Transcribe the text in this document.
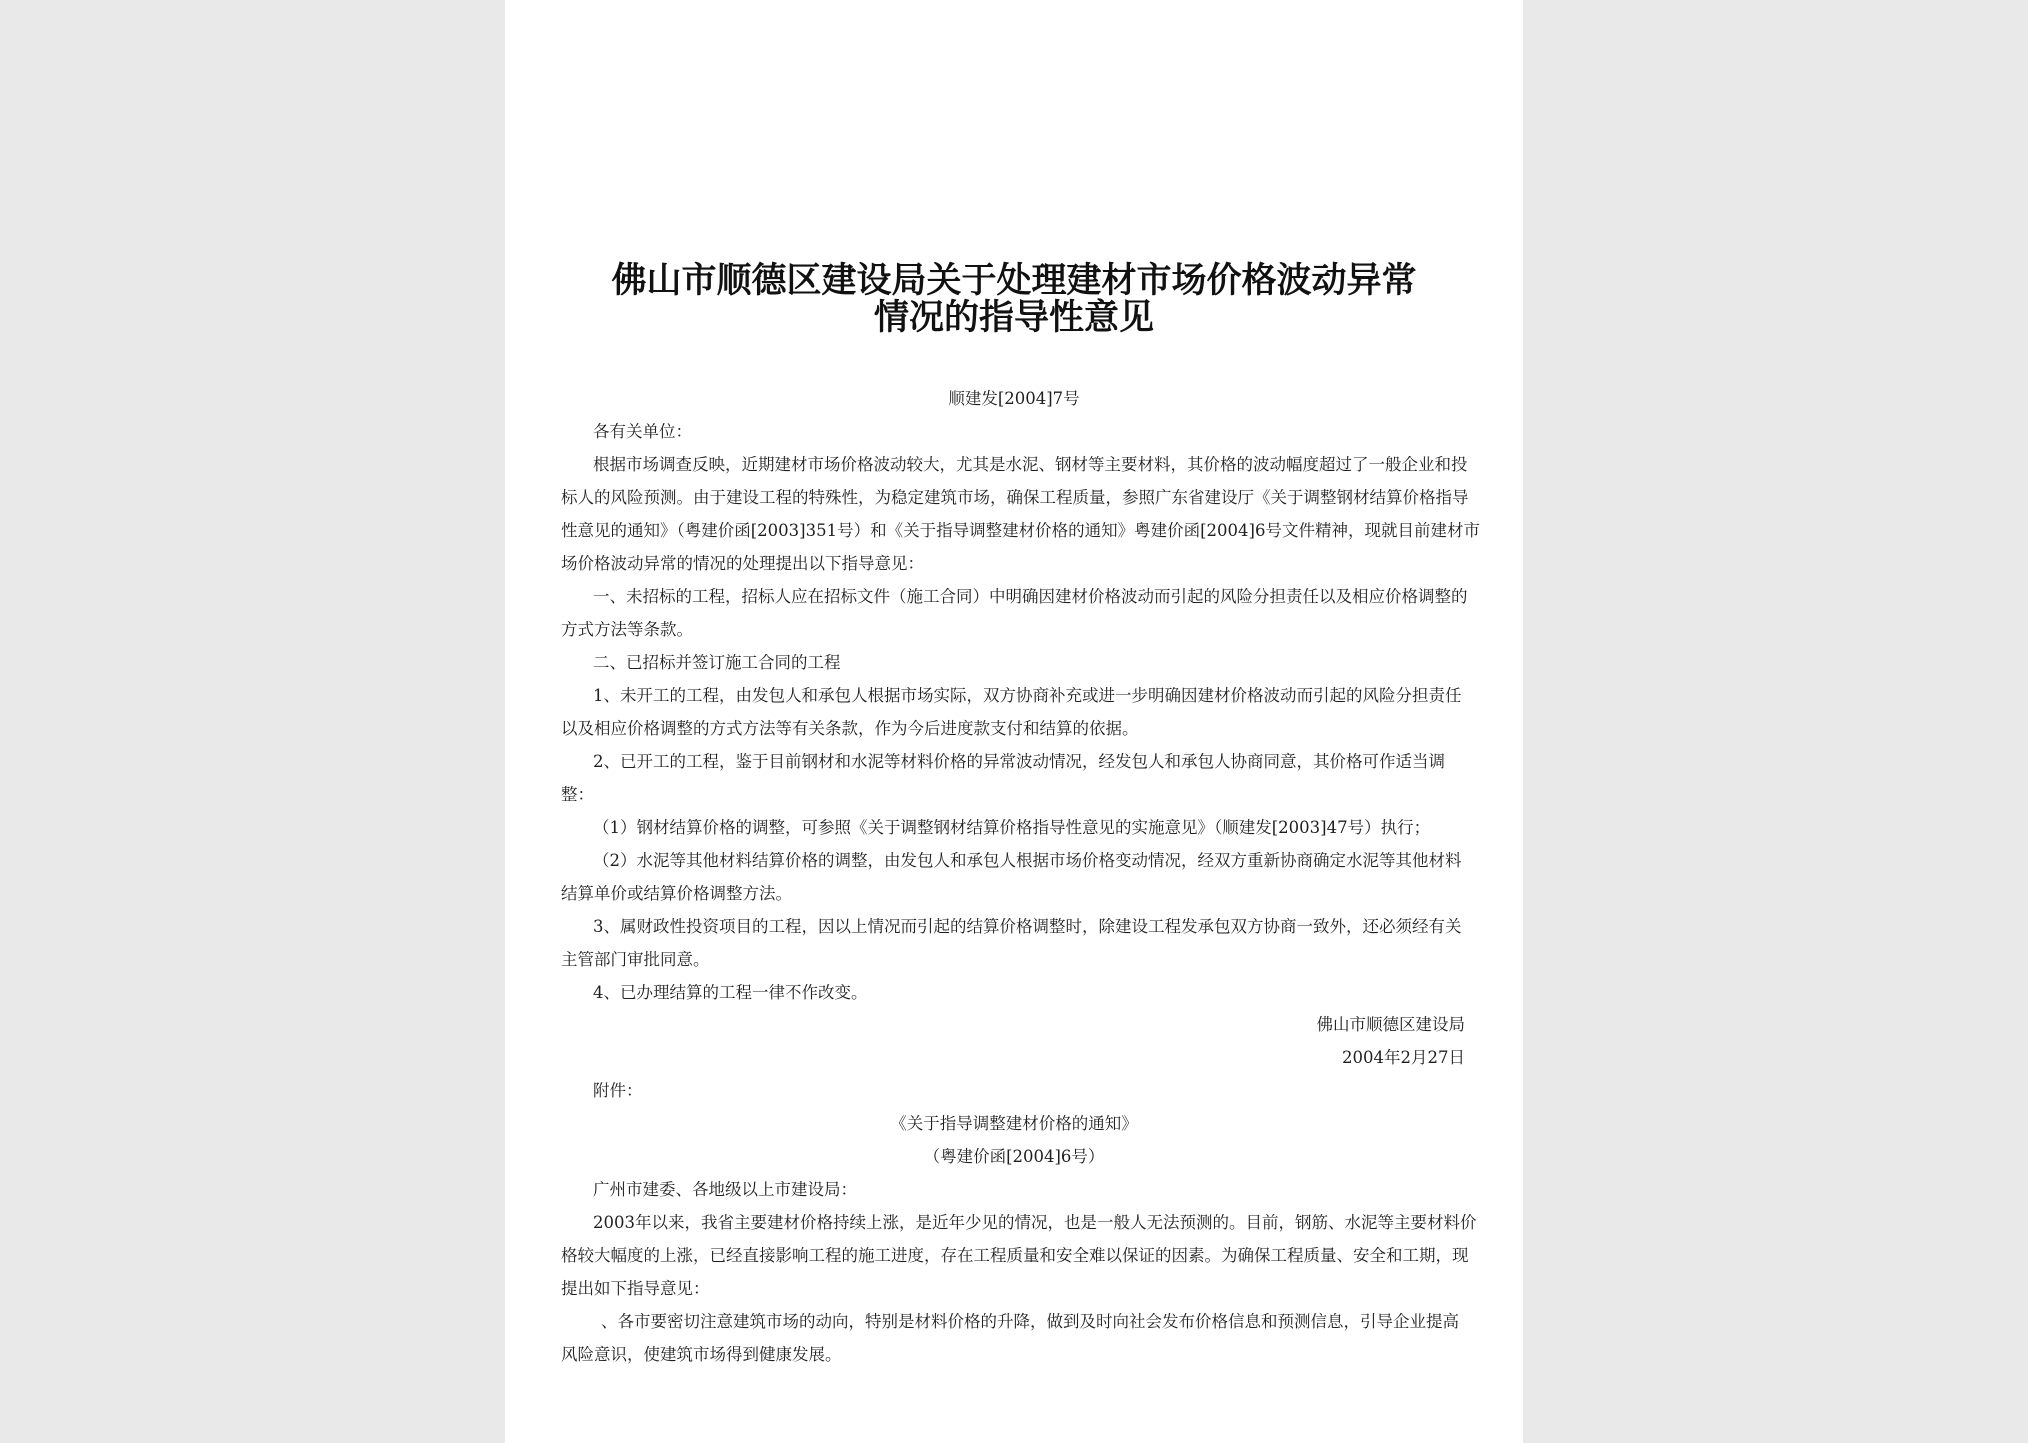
佛山市顺德区建设局关于处理建材市场价格波动异常
情况的指导性意见
顺建发[2004]7号
各有关单位：
根据市场调查反映，近期建材市场价格波动较大，尤其是水泥、钢材等主要材料，其价格的波动幅度超过了一般企业和投
标人的风险预测。由于建设工程的特殊性，为稳定建筑市场，确保工程质量，参照广东省建设厅《关于调整钢材结算价格指导
性意见的通知》（粤建价函[2003]351号）和《关于指导调整建材价格的通知》粤建价函[2004]6号文件精神，现就目前建材市
场价格波动异常的情况的处理提出以下指导意见：
一、未招标的工程，招标人应在招标文件（施工合同）中明确因建材价格波动而引起的风险分担责任以及相应价格调整的
方式方法等条款。
二、已招标并签订施工合同的工程
1、未开工的工程，由发包人和承包人根据市场实际，双方协商补充或进一步明确因建材价格波动而引起的风险分担责任
以及相应价格调整的方式方法等有关条款，作为今后进度款支付和结算的依据。
2、已开工的工程，鉴于目前钢材和水泥等材料价格的异常波动情况，经发包人和承包人协商同意，其价格可作适当调
整：
（1）钢材结算价格的调整，可参照《关于调整钢材结算价格指导性意见的实施意见》（顺建发[2003]47号）执行；
（2）水泥等其他材料结算价格的调整，由发包人和承包人根据市场价格变动情况，经双方重新协商确定水泥等其他材料
结算单价或结算价格调整方法。
3、属财政性投资项目的工程，因以上情况而引起的结算价格调整时，除建设工程发承包双方协商一致外，还必须经有关
主管部门审批同意。
4、已办理结算的工程一律不作改变。
佛山市顺德区建设局
2004年2月27日
附件：
《关于指导调整建材价格的通知》
（粤建价函[2004]6号）
广州市建委、各地级以上市建设局：
2003年以来，我省主要建材价格持续上涨，是近年少见的情况，也是一般人无法预测的。目前，钢筋、水泥等主要材料价
格较大幅度的上涨，已经直接影响工程的施工进度，存在工程质量和安全难以保证的因素。为确保工程质量、安全和工期，现
提出如下指导意见：
、各市要密切注意建筑市场的动向，特别是材料价格的升降，做到及时向社会发布价格信息和预测信息，引导企业提高
风险意识，使建筑市场得到健康发展。
